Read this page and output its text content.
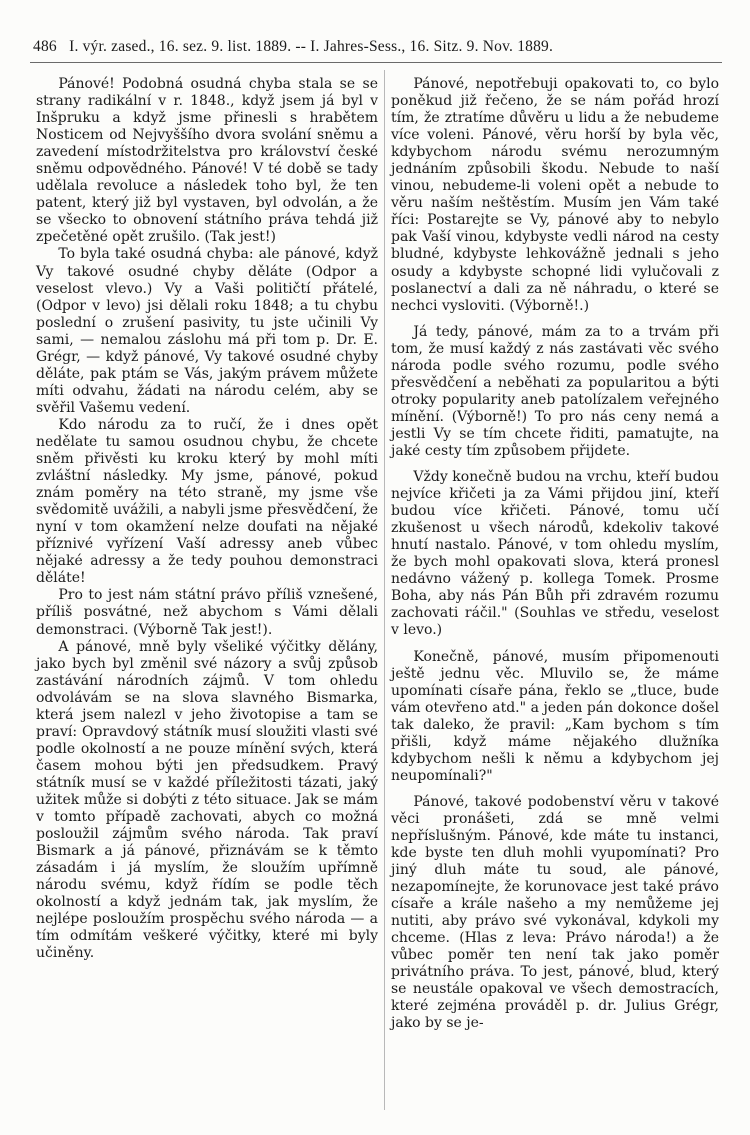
486 I. výr. zased., 16. sez. 9. list. 1889. -- I. Jahres-Sess., 16. Sitz. 9. Nov. 1889.

Pánové! Podobná osudná chyba stala se se strany radikální v r. 1848., když jsem já byl v Inšpruku a když jsme přinesli s hrabětem Nosticem od Nejvyššího dvora svolání sněmu a zavedení místodržitelstva pro království české sněmu odpovědného. Pánové! V té době se tady udělala revoluce a následek toho byl, že ten patent, který již byl vystaven, byl odvolán, a že se všecko to obnovení státního práva tehdá již zpečetěné opět zrušilo. (Tak jest!)

To byla také osudná chyba: ale pánové, když Vy takové osudné chyby děláte (Odpor a veselost vlevo.) Vy a Vaši političtí přátelé, (Odpor v levo) jsi dělali roku 1848; a tu chybu poslední o zrušení pasivity, tu jste učinili Vy sami, — nemalou záslohu má při tom p. Dr. E. Grégr, — když pánové, Vy takové osudné chyby děláte, pak ptám se Vás, jakým právem můžete míti odvahu, žádati na národu celém, aby se svěřil Vašemu vedení.

Kdo národu za to ručí, že i dnes opět nedělate tu samou osudnou chybu, že chcete sněm přivěsti ku kroku který by mohl míti zvláštní následky. My jsme, pánové, pokud znám poměry na této straně, my jsme vše svědomitě uvážili, a nabyli jsme přesvědčení, že nyní v tom okamžení nelze doufati na nějaké příznivé vyřízení Vaší adressy aneb vůbec nějaké adressy a že tedy pouhou demonstraci děláte!

Pro to jest nám státní právo příliš vznešené, příliš posvátné, než abychom s Vámi dělali demonstraci. (Výborně Tak jest!).

A pánové, mně byly všeliké výčitky dělány, jako bych byl změnil své názory a svůj způsob zastávání národních zájmů. V tom ohledu odvolávám se na slova slavného Bismarka, která jsem nalezl v jeho životopise a tam se praví: Opravdový státník musí sloužiti vlasti své podle okolností a ne pouze mínění svých, která časem mohou býti jen předsudkem. Pravý státník musí se v každé příležitosti tázati, jaký užitek může si dobýti z této situace. Jak se mám v tomto případě zachovati, abych co možná posloužil zájmům svého národa. Tak praví Bismark a já pánové, přiznávám se k těmto zásadám i já myslím, že sloužím upřímně národu svému, když řídím se podle těch okolností a když jednám tak, jak myslím, že nejlépe posloužím prospěchu svého národa — a tím odmítám veškeré výčitky, které mi byly učiněny.

Pánové, nepotřebuji opakovati to, co bylo poněkud již řečeno, že se nám pořád hrozí tím, že ztratíme důvěru u lidu a že nebudeme více voleni. Pánové, věru horší by byla věc, kdybychom národu svému nerozumným jednáním způsobili škodu. Nebude to naší vinou, nebudeme-li voleni opět a nebude to věru naším neštěstím. Musím jen Vám také říci: Postarejte se Vy, pánové aby to nebylo pak Vaší vinou, kdybyste vedli národ na cesty bludné, kdybyste lehkovážně jednali s jeho osudy a kdybyste schopné lidi vylučovali z poslanectví a dali za ně náhradu, o které se nechci vysloviti. (Výborně!.)

Já tedy, pánové, mám za to a trvám při tom, že musí každý z nás zastávati věc svého národa podle svého rozumu, podle svého přesvědčení a neběhati za popularitou a býti otroky popularity aneb patolízalem veřejného mínění. (Výborně!) To pro nás ceny nemá a jestli Vy se tím chcete řiditi, pamatujte, na jaké cesty tím způsobem přijdete.

Vždy konečně budou na vrchu, kteří budou nejvíce křičeti ja za Vámi přijdou jiní, kteří budou více křičeti. Pánové, tomu učí zkušenost u všech národů, kdekoliv takové hnutí nastalo. Pánové, v tom ohledu myslím, že bych mohl opakovati slova, která pronesl nedávno vážený p. kollega Tomek. Prosme Boha, aby nás Pán Bůh při zdravém rozumu zachovati ráčil." (Souhlas ve středu, veselost v levo.)

Konečně, pánové, musím připomenouti ještě jednu věc. Mluvilo se, že máme upomínati císaře pána, řeklo se „tluce, bude vám otevřeno atd." a jeden pán dokonce došel tak daleko, že pravil: „Kam bychom s tím přišli, když máme nějakého dlužníka kdybychom nešli k němu a kdybychom jej neupomínali?"

Pánové, takové podobenství věru v takové věci pronášeti, zdá se mně velmi nepříslušným. Pánové, kde máte tu instanci, kde byste ten dluh mohli vyupomínati? Pro jiný dluh máte tu soud, ale pánové, nezapomínejte, že korunovace jest také právo císaře a krále našeho a my nemůžeme jej nutiti, aby právo své vykonával, kdykoli my chceme. (Hlas z leva: Právo národa!) a že vůbec poměr ten není tak jako poměr privátního práva. To jest, pánové, blud, který se neustále opakoval ve všech demostracích, které zejména prováděl p. dr. Julius Grégr, jako by se je-
